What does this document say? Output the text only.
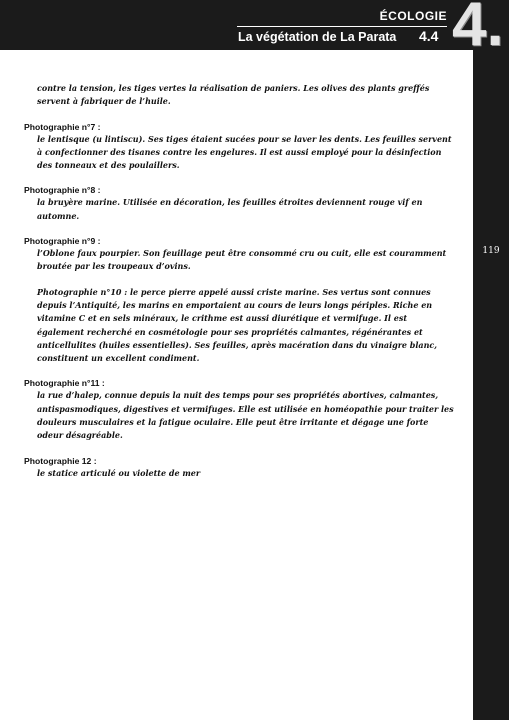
ÉCOLOGIE
La végétation de La Parata 4.4 4.
119
contre la tension, les tiges vertes la réalisation de paniers. Les olives des plants greffés servent à fabriquer de l’huile.
Photographie n°7 :
le lentisque (u lintiscu). Ses tiges étaient sucées pour se laver les dents. Les feuilles servent à confectionner des tisanes contre les engelures. Il est aussi employé pour la désinfection des tonneaux et des poulaillers.
Photographie n°8 :
la bruyère marine. Utilisée en décoration, les feuilles étroites deviennent rouge vif en automne.
Photographie n°9 :
l’Oblone faux pourpier. Son feuillage peut être consommé cru ou cuit, elle est couramment broutée par les troupeaux d’ovins.
Photographie n°10 : le perce pierre appelé aussi criste marine. Ses vertus sont connues depuis l’Antiquité, les marins en emportaient au cours de leurs longs périples. Riche en vitamine C et en sels minéraux, le crithme est aussi diurétique et vermifuge. Il est également recherché en cosmétologie pour ses propriétés calmantes, régénérantes et anticellulites (huiles essentielles). Ses feuilles, après macération dans du vinaigre blanc, constituent un excellent condiment.
Photographie n°11 :
la rue d’halep, connue depuis la nuit des temps pour ses propriétés abortives, calmantes, antispasmodiques, digestives et vermifuges. Elle est utilisée en homéopathie pour traiter les douleurs musculaires et la fatigue oculaire. Elle peut être irritante et dégage une forte odeur désagréable.
Photographie 12 :
le statice articulé ou violette de mer
